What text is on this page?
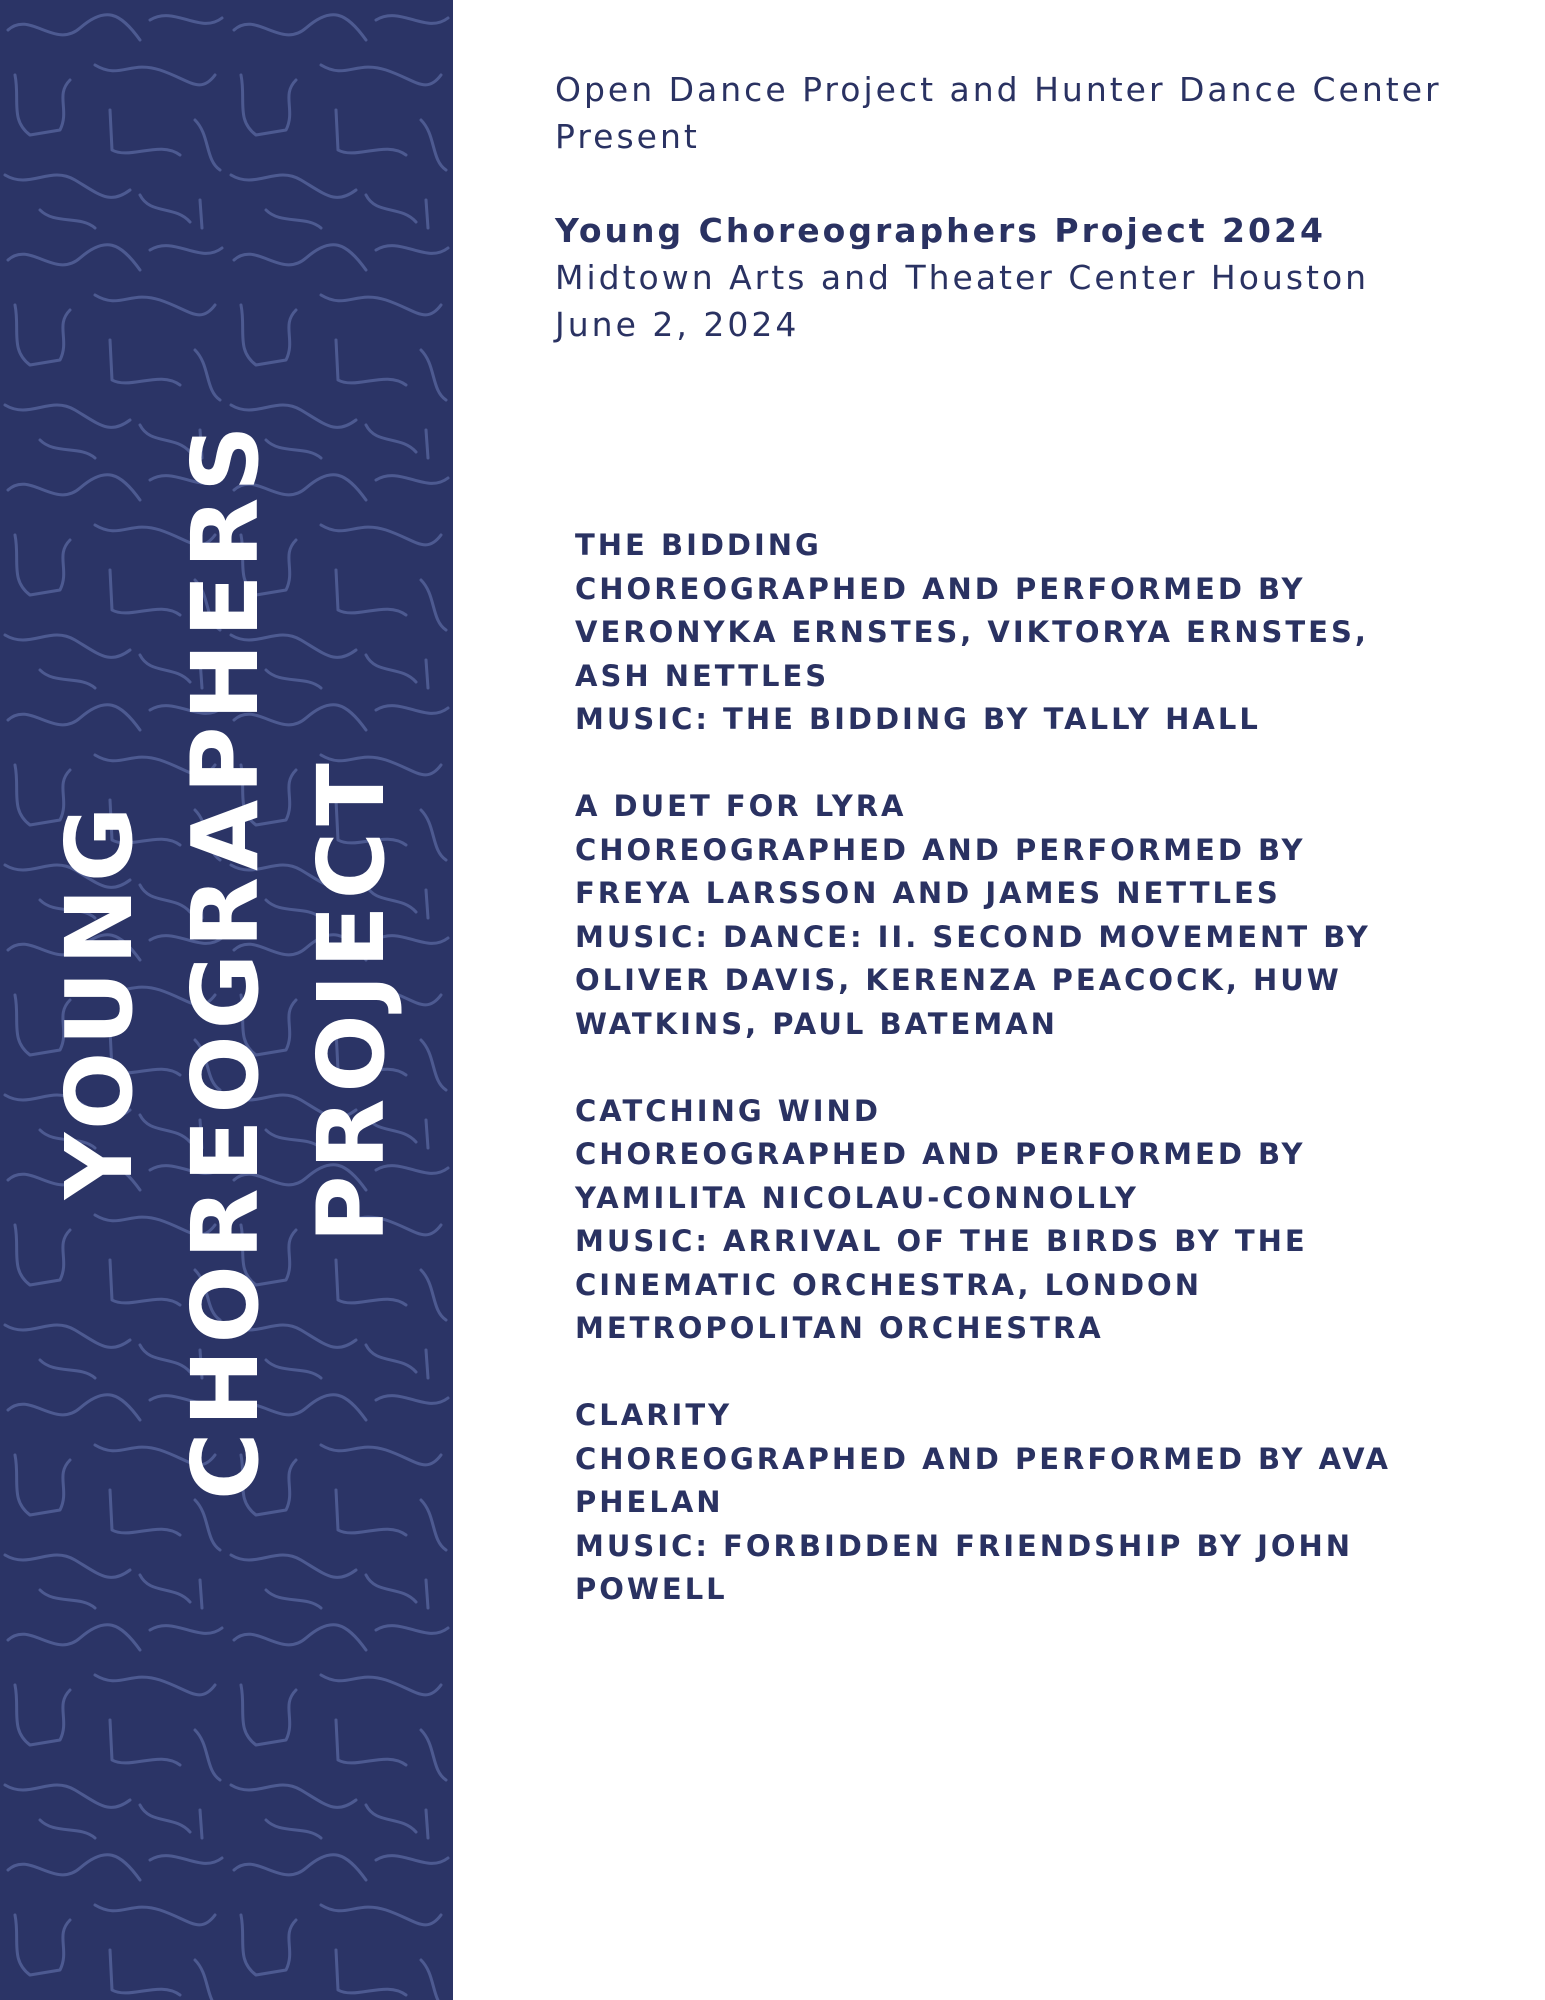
YOUNG CHOREOGRAPHERS PROJECT

Open Dance Project and Hunter Dance Center
Present

Young Choreographers Project 2024

Midtown Arts and Theater Center Houston

June 2, 2024

THE BIDDING
CHOREOGRAPHED AND PERFORMED BY
VERONYKA ERNSTES, VIKTORYA ERNSTES,
ASH NETTLES
MUSIC: THE BIDDING BY TALLY HALL
A DUET FOR LYRA
CHOREOGRAPHED AND PERFORMED BY
FREYA LARSSON AND JAMES NETTLES
MUSIC: DANCE: II. SECOND MOVEMENT BY
OLIVER DAVIS, KERENZA PEACOCK, HUW
WATKINS, PAUL BATEMAN
CATCHING WIND
CHOREOGRAPHED AND PERFORMED BY
YAMILITA NICOLAU-CONNOLLY
MUSIC: ARRIVAL OF THE BIRDS BY THE
CINEMATIC ORCHESTRA, LONDON
METROPOLITAN ORCHESTRA
CLARITY
CHOREOGRAPHED AND PERFORMED BY AVA
PHELAN
MUSIC: FORBIDDEN FRIENDSHIP BY JOHN
POWELL
